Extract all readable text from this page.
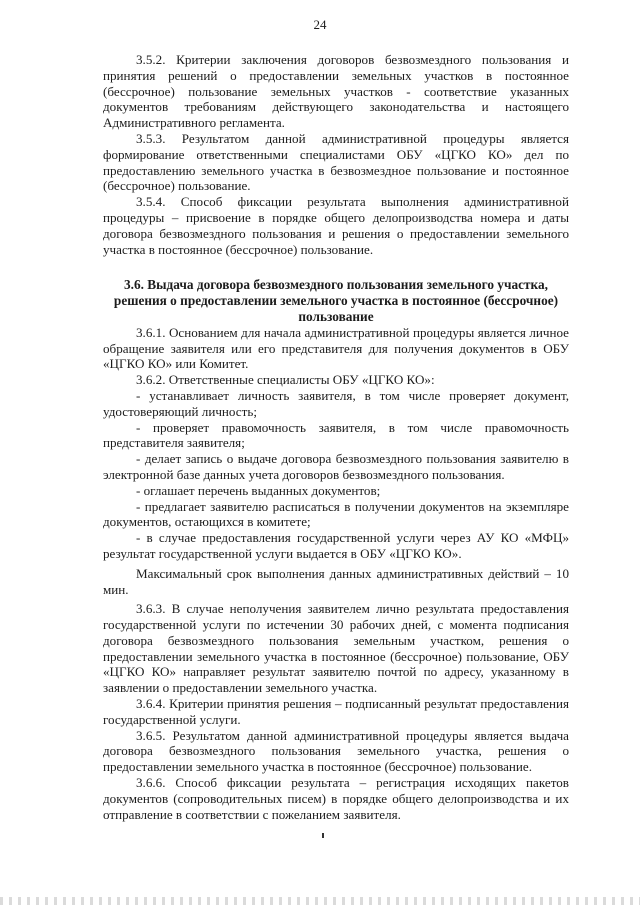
24

3.5.2. Критерии заключения договоров безвозмездного пользования и принятия решений о предоставлении земельных участков в постоянное (бессрочное) пользование земельных участков - соответствие указанных документов требованиям действующего законодательства и настоящего Административного регламента.

3.5.3. Результатом данной административной процедуры является формирование ответственными специалистами ОБУ «ЦГКО КО» дел по предоставлению земельного участка в безвозмездное пользование и постоянное (бессрочное) пользование.

3.5.4. Способ фиксации результата выполнения административной процедуры – присвоение в порядке общего делопроизводства номера и даты договора безвозмездного пользования и решения о предоставлении земельного участка в постоянное (бессрочное) пользование.

3.6. Выдача договора безвозмездного пользования земельного участка, решения о предоставлении земельного участка в постоянное (бессрочное) пользование

3.6.1. Основанием для начала административной процедуры является личное обращение заявителя или его представителя для получения документов в ОБУ «ЦГКО КО» или Комитет.

3.6.2. Ответственные специалисты ОБУ «ЦГКО КО»:

- устанавливает личность заявителя, в том числе проверяет документ, удостоверяющий личность;

- проверяет правомочность заявителя, в том числе правомочность представителя заявителя;

- делает запись о выдаче договора безвозмездного пользования заявителю в электронной базе данных учета договоров безвозмездного пользования.

- оглашает перечень выданных документов;

- предлагает заявителю расписаться в получении документов на экземпляре документов, остающихся в комитете;

- в случае предоставления государственной услуги через АУ КО «МФЦ» результат государственной услуги выдается в ОБУ «ЦГКО КО».

Максимальный срок выполнения данных административных действий – 10 мин.

3.6.3. В случае неполучения заявителем лично результата предоставления государственной услуги по истечении 30 рабочих дней, с момента подписания договора безвозмездного пользования земельным участком, решения о предоставлении земельного участка в постоянное (бессрочное) пользование, ОБУ «ЦГКО КО» направляет результат заявителю почтой по адресу, указанному в заявлении о предоставлении земельного участка.

3.6.4. Критерии принятия решения – подписанный результат предоставления государственной услуги.

3.6.5. Результатом данной административной процедуры является выдача договора безвозмездного пользования земельного участка, решения о предоставлении земельного участка в постоянное (бессрочное) пользование.

3.6.6. Способ фиксации результата – регистрация исходящих пакетов документов (сопроводительных писем) в порядке общего делопроизводства и их отправление в соответствии с пожеланием заявителя.
